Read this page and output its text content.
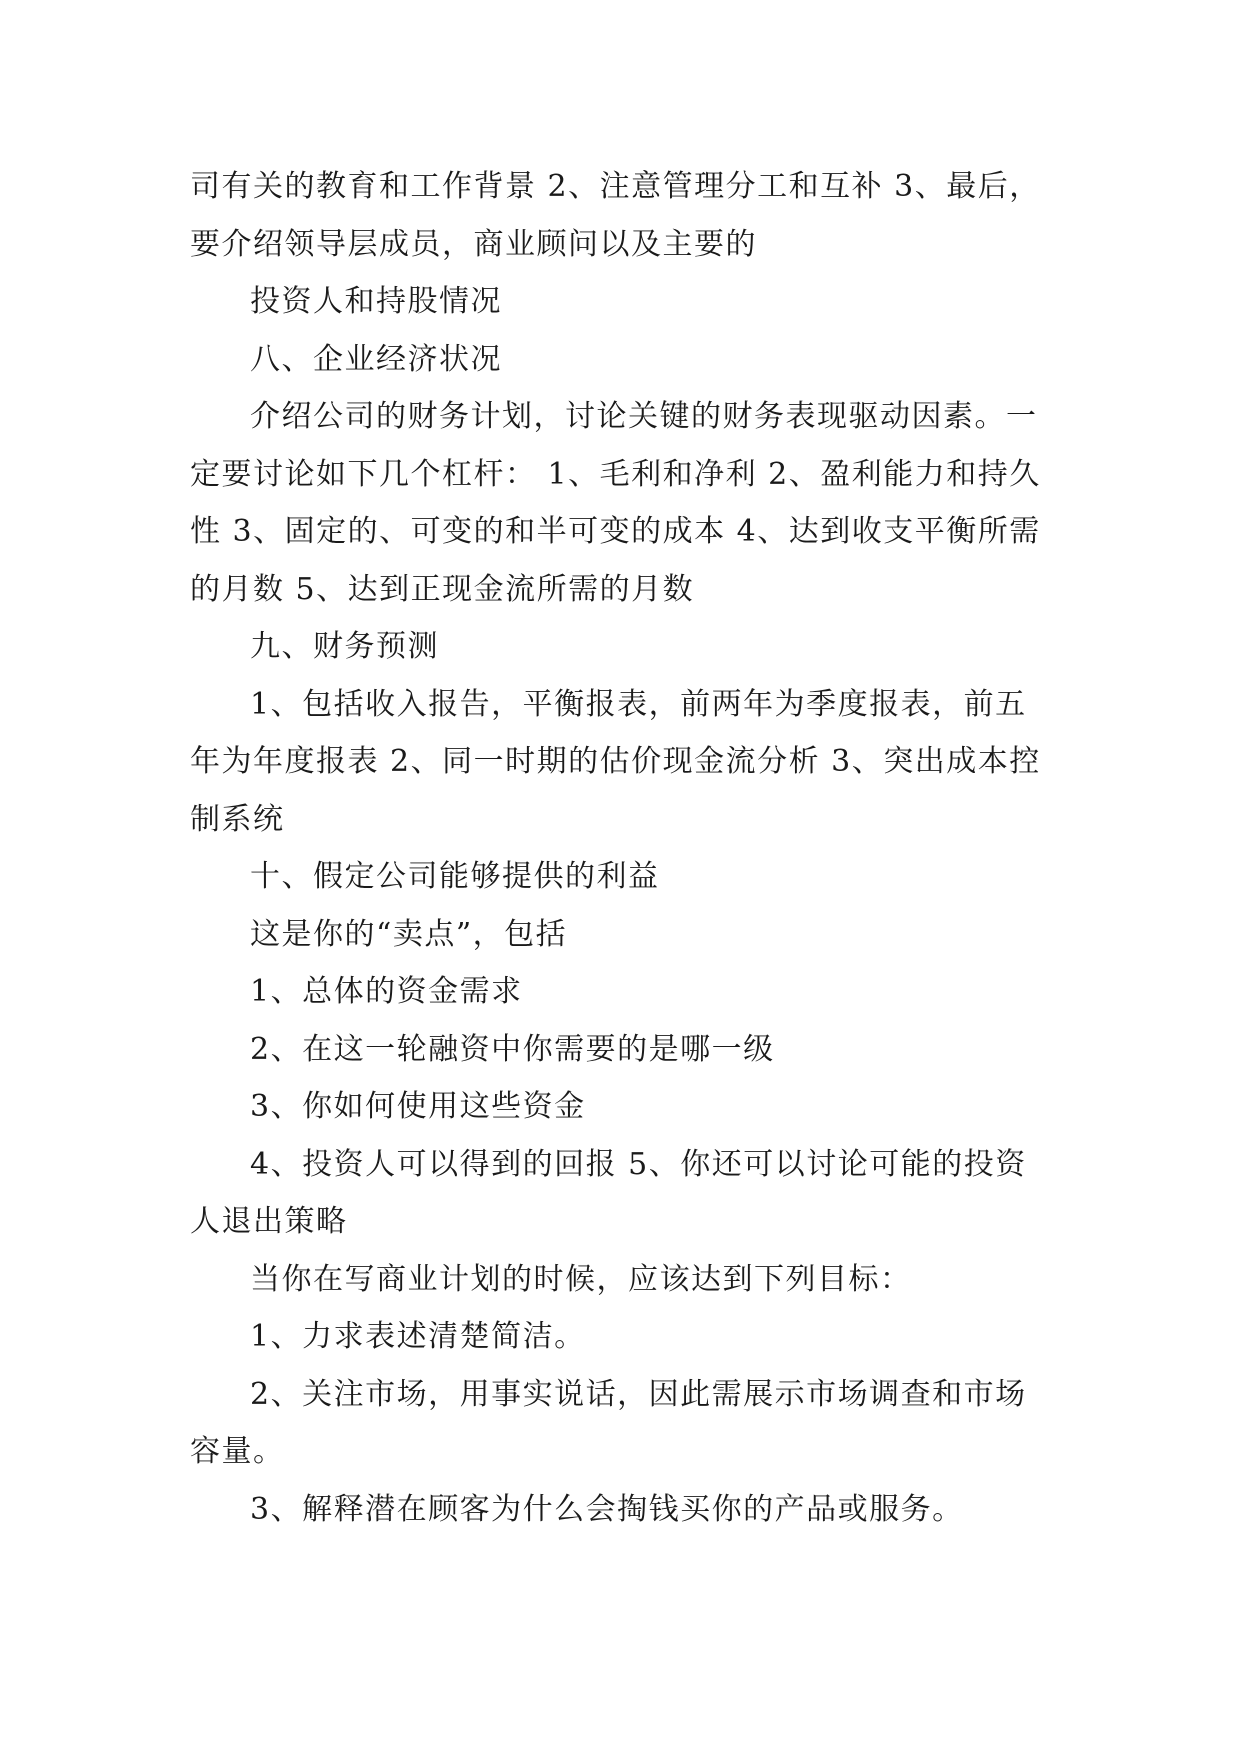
司有关的教育和工作背景 2、注意管理分工和互补 3、最后，要介绍领导层成员，商业顾问以及主要的

投资人和持股情况

八、企业经济状况

介绍公司的财务计划，讨论关键的财务表现驱动因素。一定要讨论如下几个杠杆： 1、毛利和净利 2、盈利能力和持久性 3、固定的、可变的和半可变的成本 4、达到收支平衡所需的月数 5、达到正现金流所需的月数

九、财务预测

1、包括收入报告，平衡报表，前两年为季度报表，前五年为年度报表 2、同一时期的估价现金流分析 3、突出成本控制系统

十、假定公司能够提供的利益

这是你的“卖点”，包括

1、总体的资金需求

2、在这一轮融资中你需要的是哪一级

3、你如何使用这些资金

4、投资人可以得到的回报 5、你还可以讨论可能的投资人退出策略

当你在写商业计划的时候，应该达到下列目标：

1、力求表述清楚简洁。

2、关注市场，用事实说话，因此需展示市场调查和市场容量。

3、解释潜在顾客为什么会掏钱买你的产品或服务。
